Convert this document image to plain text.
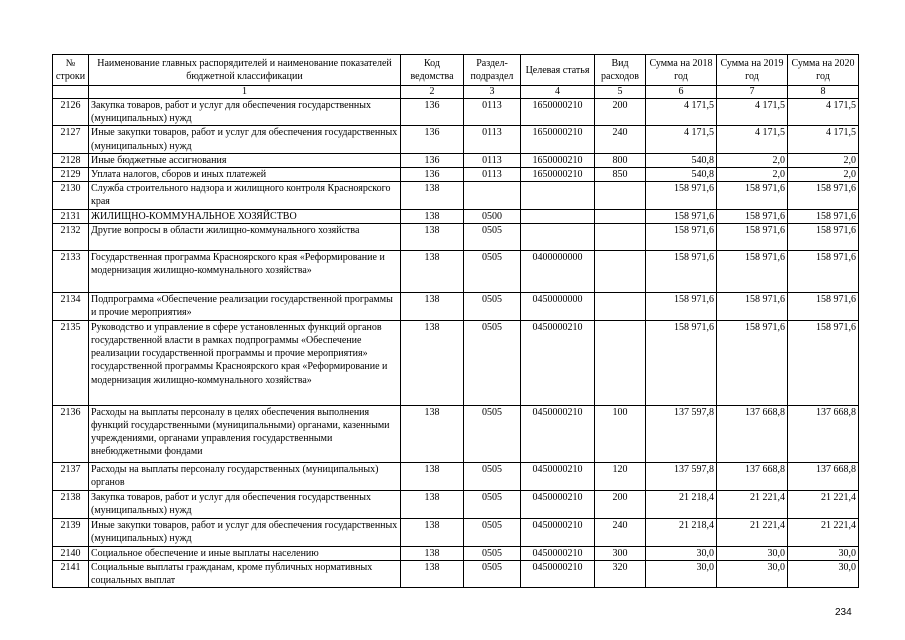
№ строки	Наименование главных распорядителей и наименование показателей бюджетной классификации	Код ведомства	Раздел-подраздел	Целевая статья	Вид расходов	Сумма на 2018 год	Сумма на 2019 год	Сумма на 2020 год
	1	2	3	4	5	6	7	8
2126	Закупка товаров, работ и услуг для обеспечения государственных (муниципальных) нужд	136	0113	1650000210	200	4 171,5	4 171,5	4 171,5
2127	Иные закупки товаров, работ и услуг для обеспечения государственных (муниципальных) нужд	136	0113	1650000210	240	4 171,5	4 171,5	4 171,5
2128	Иные бюджетные ассигнования	136	0113	1650000210	800	540,8	2,0	2,0
2129	Уплата налогов, сборов и иных платежей	136	0113	1650000210	850	540,8	2,0	2,0
2130	Служба строительного надзора и жилищного контроля Красноярского края	138				158 971,6	158 971,6	158 971,6
2131	ЖИЛИЩНО-КОММУНАЛЬНОЕ ХОЗЯЙСТВО	138	0500			158 971,6	158 971,6	158 971,6
2132	Другие вопросы в области жилищно-коммунального хозяйства	138	0505			158 971,6	158 971,6	158 971,6
2133	Государственная программа Красноярского края «Реформирование и модернизация жилищно-коммунального хозяйства»	138	0505	0400000000		158 971,6	158 971,6	158 971,6
2134	Подпрограмма «Обеспечение реализации государственной программы и прочие мероприятия»	138	0505	0450000000		158 971,6	158 971,6	158 971,6
2135	Руководство и управление в сфере установленных функций органов государственной власти в рамках подпрограммы «Обеспечение реализации государственной программы и прочие мероприятия» государственной программы Красноярского края «Реформирование и модернизация жилищно-коммунального хозяйства»	138	0505	0450000210		158 971,6	158 971,6	158 971,6
2136	Расходы на выплаты персоналу в целях обеспечения выполнения функций государственными (муниципальными) органами, казенными учреждениями, органами управления государственными внебюджетными фондами	138	0505	0450000210	100	137 597,8	137 668,8	137 668,8
2137	Расходы на выплаты персоналу государственных (муниципальных) органов	138	0505	0450000210	120	137 597,8	137 668,8	137 668,8
2138	Закупка товаров, работ и услуг для обеспечения государственных (муниципальных) нужд	138	0505	0450000210	200	21 218,4	21 221,4	21 221,4
2139	Иные закупки товаров, работ и услуг для обеспечения государственных (муниципальных) нужд	138	0505	0450000210	240	21 218,4	21 221,4	21 221,4
2140	Социальное обеспечение и иные выплаты населению	138	0505	0450000210	300	30,0	30,0	30,0
2141	Социальные выплаты гражданам, кроме публичных нормативных социальных выплат	138	0505	0450000210	320	30,0	30,0	30,0
234
